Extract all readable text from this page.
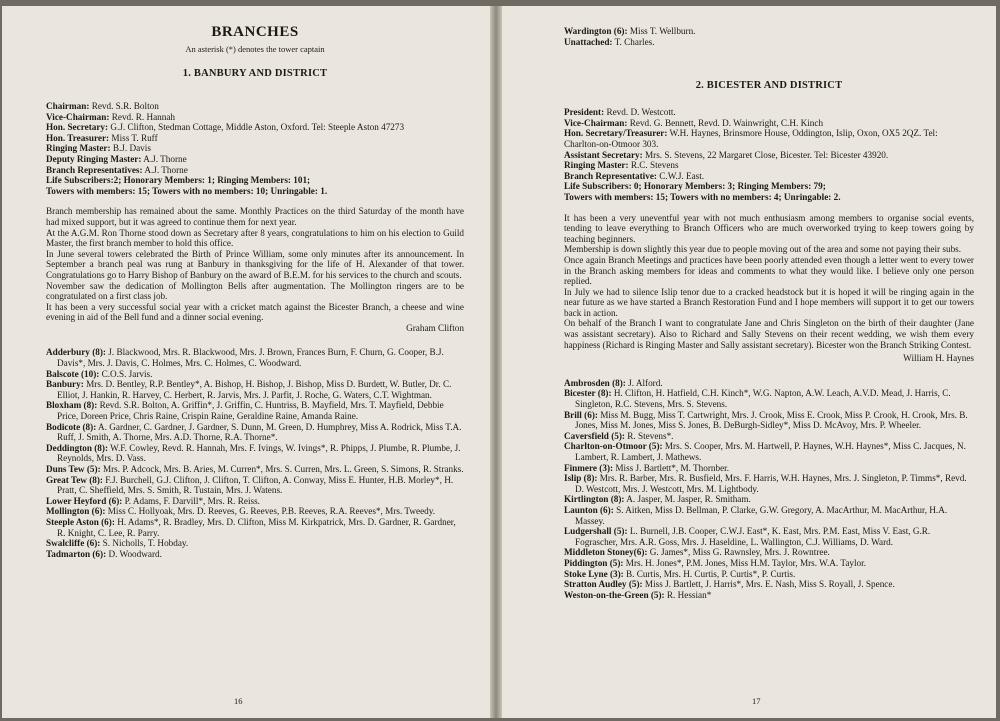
BRANCHES

An asterisk (*) denotes the tower captain

1. BANBURY AND DISTRICT
Chairman: Revd. S.R. Bolton
Vice-Chairman: Revd. R. Hannah
Hon. Secretary: G.J. Clifton, Stedman Cottage, Middle Aston, Oxford. Tel: Steeple Aston 47273
Hon. Treasurer: Miss T. Ruff
Ringing Master: B.J. Davis
Deputy Ringing Master: A.J. Thorne
Branch Representatives: A.J. Thorne
Life Subscribers:2; Honorary Members: 1; Ringing Members: 101;
Towers with members: 15; Towers with no members: 10; Unringable: 1.

Branch membership has remained about the same. Monthly Practices on the third Saturday of the month have had mixed support, but it was agreed to continue them for next year.

At the A.G.M. Ron Thorne stood down as Secretary after 8 years, congratulations to him on his election to Guild Master, the first branch member to hold this office.

In June several towers celebrated the Birth of Prince William, some only minutes after its announcement. In September a branch peal was rung at Banbury in thanksgiving for the life of H. Alexander of that tower. Congratulations go to Harry Bishop of Banbury on the award of B.E.M. for his services to the church and scouts.

November saw the dedication of Mollington Bells after augmentation. The Mollington ringers are to be congratulated on a first class job.

It has been a very successful social year with a cricket match against the Bicester Branch, a cheese and wine evening in aid of the Bell fund and a dinner social evening.

Graham Clifton
Adderbury (8): J. Blackwood, Mrs. R. Blackwood, Mrs. J. Brown, Frances Burn, F. Churn, G. Cooper, B.J. Davis*, Mrs. J. Davis, C. Holmes, Mrs. C. Holmes, C. Woodward.
Balscote (10): C.O.S. Jarvis.
Banbury: Mrs. D. Bentley, R.P. Bentley*, A. Bishop, H. Bishop, J. Bishop, Miss D. Burdett, W. Butler, Dr. C. Elliot, J. Hankin, R. Harvey, C. Herbert, R. Jarvis, Mrs. J. Parfit, J. Roche, G. Waters, C.T. Wightman.
Bloxham (8): Revd. S.R. Bolton, A. Griffin*, J. Griffin, C. Huntriss, B. Mayfield, Mrs. T. Mayfield, Debbie Price, Doreen Price, Chris Raine, Crispin Raine, Geraldine Raine, Amanda Raine.
Bodicote (8): A. Gardner, C. Gardner, J. Gardner, S. Dunn, M. Green, D. Humphrey, Miss A. Rodrick, Miss T.A. Ruff, J. Smith, A. Thorne, Mrs. A.D. Thorne, R.A. Thorne*.
Deddington (8): W.F. Cowley, Revd. R. Hannah, Mrs. F. Ivings, W. Ivings*, R. Phipps, J. Plumbe, R. Plumbe, J. Reynolds, Mrs. D. Vass.
Duns Tew (5): Mrs. P. Adcock, Mrs. B. Aries, M. Curren*, Mrs. S. Curren, Mrs. L. Green, S. Simons, R. Stranks.
Great Tew (8): F.J. Burchell, G.J. Clifton, J. Clifton, T. Clifton, A. Conway, Miss E. Hunter, H.B. Morley*, H. Pratt, C. Sheffield, Mrs. S. Smith, R. Tustain, Mrs. J. Watens.
Lower Heyford (6): P. Adams, F. Darvill*, Mrs. R. Reiss.
Mollington (6): Miss C. Hollyoak, Mrs. D. Reeves, G. Reeves, P.B. Reeves, R.A. Reeves*, Mrs. Tweedy.
Steeple Aston (6): H. Adams*, R. Bradley, Mrs. D. Clifton, Miss M. Kirkpatrick, Mrs. D. Gardner, R. Gardner, R. Knight, C. Lee, R. Parry.
Swalcliffe (6): S. Nicholls, T. Hobday.
Tadmarton (6): D. Woodward.
16
Wardington (6): Miss T. Wellburn.
Unattached: T. Charles.
2. BICESTER AND DISTRICT
President: Revd. D. Westcott.
Vice-Chairman: Revd. G. Bennett, Revd. D. Wainwright, C.H. Kinch
Hon. Secretary/Treasurer: W.H. Haynes, Brinsmore House, Oddington, Islip, Oxon, OX5 2QZ. Tel: Charlton-on-Otmoor 303.
Assistant Secretary: Mrs. S. Stevens, 22 Margaret Close, Bicester. Tel: Bicester 43920.
Ringing Master: R.C. Stevens
Branch Representative: C.W.J. East.
Life Subscribers: 0; Honorary Members: 3; Ringing Members: 79;
Towers with members: 15; Towers with no members: 4; Unringable: 2.

It has been a very uneventful year with not much enthusiasm among members to organise social events, tending to leave everything to Branch Officers who are much overworked trying to keep towers going by teaching beginners.

Membership is down slightly this year due to people moving out of the area and some not paying their subs.

Once again Branch Meetings and practices have been poorly attended even though a letter went to every tower in the Branch asking members for ideas and comments to what they would like. I believe only one person replied.

In July we had to silence Islip tenor due to a cracked headstock but it is hoped it will be ringing again in the near future as we have started a Branch Restoration Fund and I hope members will support it to get our towers back in action.

On behalf of the Branch I want to congratulate Jane and Chris Singleton on the birth of their daughter (Jane was assistant secretary). Also to Richard and Sally Stevens on their recent wedding, we wish them every happiness (Richard is Ringing Master and Sally assistant secretary). Bicester won the Branch Striking Contest.

William H. Haynes
Ambrosden (8): J. Alford.
Bicester (8): H. Clifton, H. Hatfield, C.H. Kinch*, W.G. Napton, A.W. Leach, A.V.D. Mead, J. Harris, C. Singleton, R.C. Stevens, Mrs. S. Stevens.
Brill (6): Miss M. Bugg, Miss T. Cartwright, Mrs. J. Crook, Miss E. Crook, Miss P. Crook, H. Crook, Mrs. B. Jones, Miss M. Jones, Miss S. Jones, B. DeBurgh-Sidley*, Miss D. McAvoy, Mrs. P. Wheeler.
Caversfield (5): R. Stevens*.
Charlton-on-Otmoor (5): Mrs. S. Cooper, Mrs. M. Hartwell, P. Haynes, W.H. Haynes*, Miss C. Jacques, N. Lambert, R. Lambert, J. Mathews.
Finmere (3): Miss J. Bartlett*, M. Thornber.
Islip (8): Mrs. R. Barber, Mrs. R. Busfield, Mrs. F. Harris, W.H. Haynes, Mrs. J. Singleton, P. Timms*, Revd. D. Westcott, Mrs. J. Westcott, Mrs. M. Lightbody.
Kirtlington (8): A. Jasper, M. Jasper, R. Smitham.
Launton (6): S. Aitken, Miss D. Bellman, P. Clarke, G.W. Gregory, A. MacArthur, M. MacArthur, H.A. Massey.
Ludgershall (5): L. Burnell, J.B. Cooper, C.W.J. East*, K. East, Mrs. P.M. East, Miss V. East, G.R. Fograscher, Mrs. A.R. Goss, Mrs. J. Haseldine, L. Wallington, C.J. Williams, D. Ward.
Middleton Stoney(6): G. James*, Miss G. Rawnsley, Mrs. J. Rowntree.
Piddington (5): Mrs. H. Jones*, P.M. Jones, Miss H.M. Taylor, Mrs. W.A. Taylor.
Stoke Lyne (3): B. Curtis, Mrs. H. Curtis, P. Curtis*, P. Curtis.
Stratton Audley (5): Miss J. Bartlett, J. Harris*, Mrs. E. Nash, Miss S. Royall, J. Spence.
Weston-on-the-Green (5): R. Hessian*
17
